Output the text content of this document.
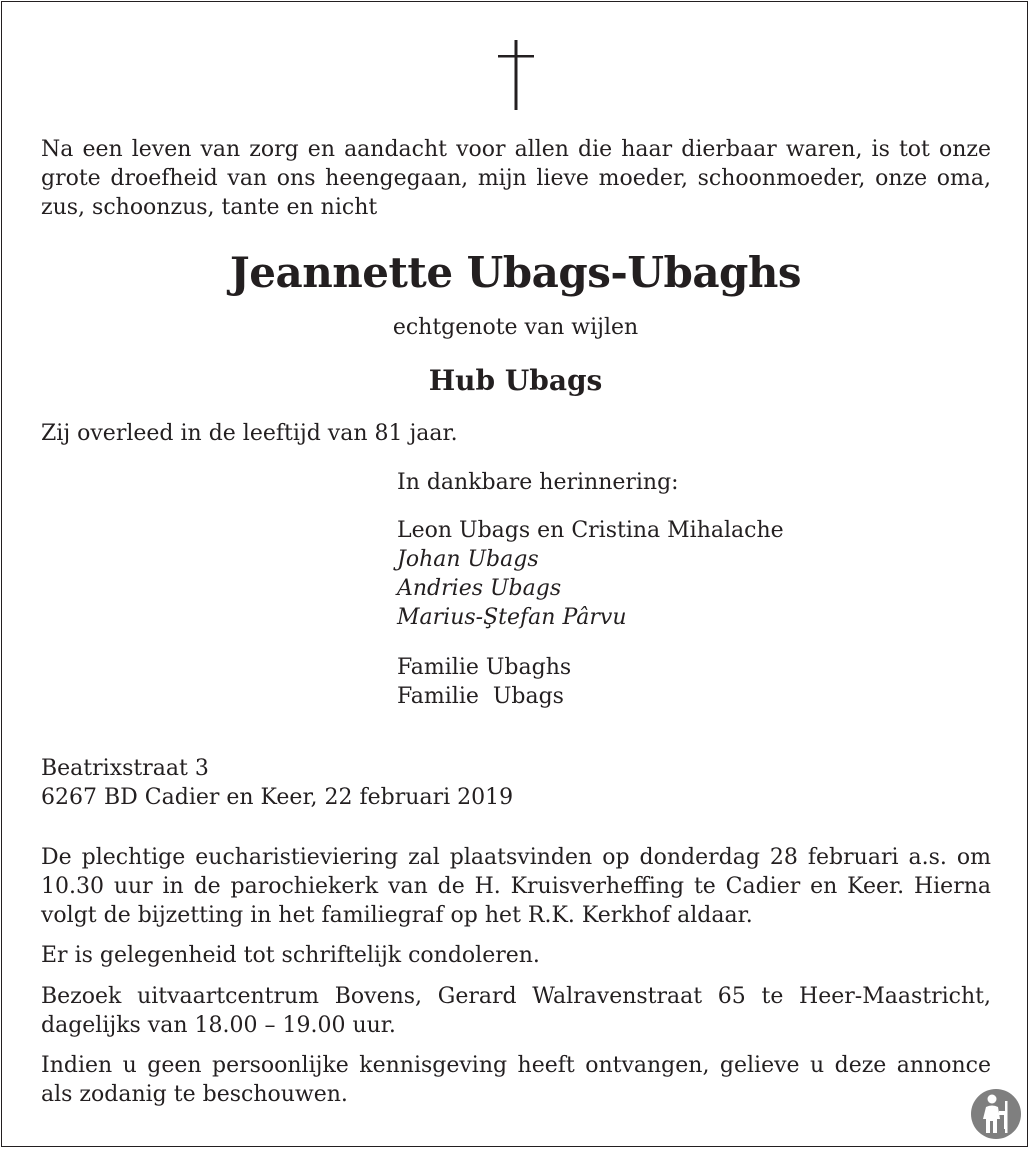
Na een leven van zorg en aandacht voor allen die haar dierbaar waren, is tot onze grote droefheid van ons heengegaan, mijn lieve moeder, schoonmoeder, onze oma, zus, schoonzus, tante en nicht

Jeannette Ubags-Ubaghs
echtgenote van wijlen
Hub Ubags

Zij overleed in de leeftijd van 81 jaar.

In dankbare herinnering:
Leon Ubags en Cristina Mihalache
Johan Ubags
Andries Ubags
Marius-Ştefan Pârvu
Familie Ubaghs
Familie  Ubags
Beatrixstraat 3
6267 BD Cadier en Keer, 22 februari 2019

De plechtige eucharistieviering zal plaatsvinden op donderdag 28 februari a.s. om 10.30 uur in de parochiekerk van de H. Kruisverheffing te Cadier en Keer. Hierna volgt de bijzetting in het familiegraf op het R.K. Kerkhof aldaar.

Er is gelegenheid tot schriftelijk condoleren.

Bezoek uitvaartcentrum Bovens, Gerard Walravenstraat 65 te Heer-Maastricht, dagelijks van 18.00 – 19.00 uur.

Indien u geen persoonlijke kennisgeving heeft ontvangen, gelieve u deze annonce als zodanig te beschouwen.
